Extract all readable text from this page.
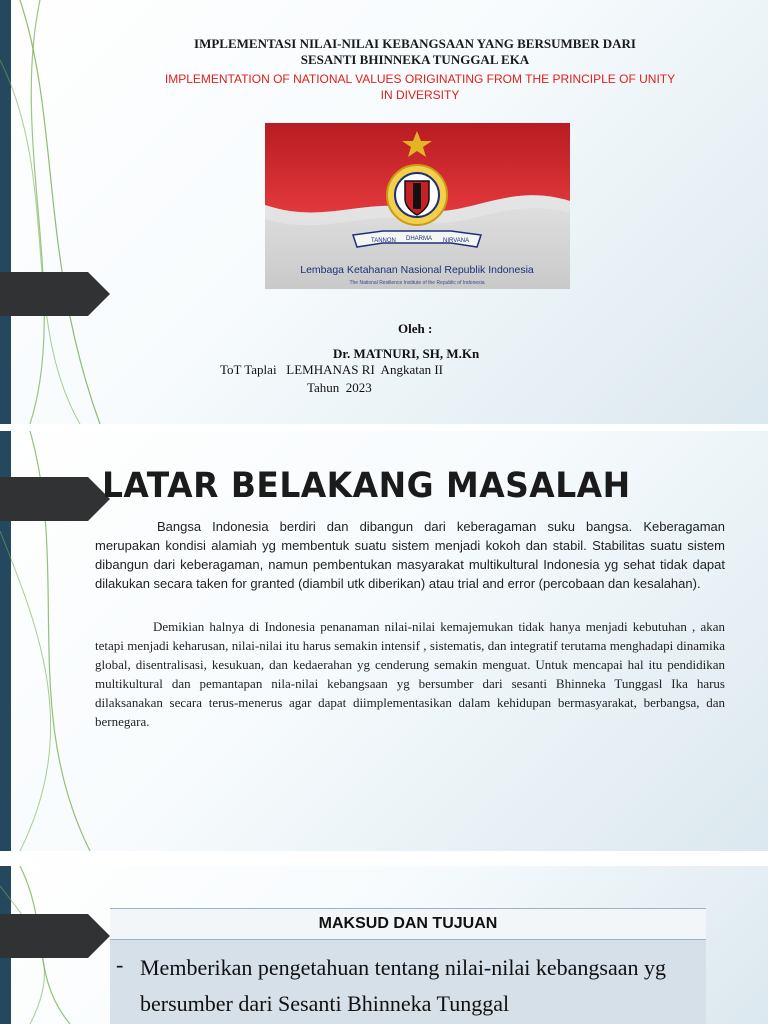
IMPLEMENTASI NILAI-NILAI KEBANGSAAN YANG BERSUMBER DARI
SESANTI BHINNEKA TUNGGAL EKA
IMPLEMENTATION OF NATIONAL VALUES ORIGINATING FROM THE PRINCIPLE OF UNITY
IN DIVERSITY
TANNON DHARMA NIRVANA
Lembaga Ketahanan Nasional Republik Indonesia
The National Resilience Institute of the Republic of Indonesia
Oleh :
Dr. MATNURI, SH, M.Kn
ToT Taplai   LEMHANAS RI  Angkatan II
Tahun  2023
LATAR BELAKANG MASALAH
Bangsa Indonesia berdiri dan dibangun dari keberagaman suku bangsa. Keberagaman merupakan kondisi alamiah yg membentuk suatu sistem menjadi kokoh dan stabil. Stabilitas suatu sistem dibangun dari keberagaman, namun pembentukan masyarakat multikultural Indonesia yg sehat tidak dapat dilakukan secara taken for granted (diambil utk diberikan) atau trial and error (percobaan dan kesalahan).
Demikian halnya di Indonesia penanaman nilai-nilai kemajemukan tidak hanya menjadi kebutuhan , akan tetapi menjadi keharusan, nilai-nilai itu harus semakin intensif , sistematis, dan integratif terutama menghadapi dinamika global, disentralisasi, kesukuan, dan kedaerahan yg cenderung semakin menguat. Untuk mencapai hal itu pendidikan multikultural dan pemantapan nila-nilai kebangsaan yg bersumber dari sesanti Bhinneka Tunggasl Ika harus dilaksanakan secara terus-menerus agar dapat diimplementasikan dalam kehidupan bermasyarakat, berbangsa, dan bernegara.
MAKSUD DAN TUJUAN
- Memberikan pengetahuan tentang nilai-nilai kebangsaan yg bersumber dari Sesanti Bhinneka Tunggal
